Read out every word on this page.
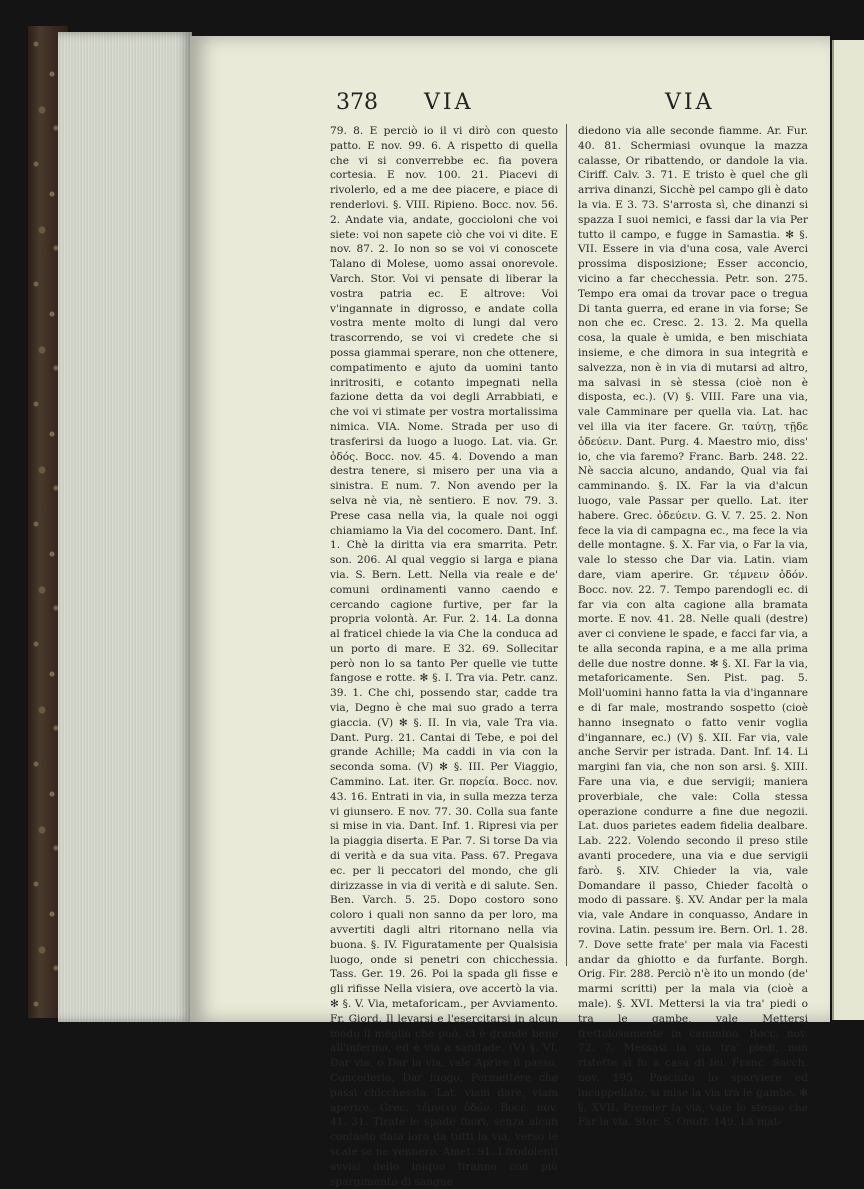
378 VIA	VIA

79. 8. E perciò io il vi dirò con questo patto. E nov. 99. 6. A rispetto di quella che vi si converrebbe ec. fia povera cortesia. E nov. 100. 21. Piacevi di rivolerlo, ed a me dee piacere, e piace di renderlovi. §. VIII. Ripieno. Bocc. nov. 56. 2. Andate via, andate, goccioloni che voi siete: voi non sapete ciò che voi vi dite. E nov. 87. 2. Io non so se voi vi conoscete Talano di Molese, uomo assai onorevole. Varch. Stor. Voi vi pensate di liberar la vostra patria ec. E altrove: Voi v'ingannate in digrosso, e andate colla vostra mente molto di lungi dal vero trascorrendo, se voi vi credete che si possa giammai sperare, non che ottenere, compatimento e ajuto da uomini tanto inritrositi, e cotanto impegnati nella fazione detta da voi degli Arrabbiati, e che voi vi stimate per vostra mortalissima nimica. VIA. Nome. Strada per uso di trasferirsi da luogo a luogo. Lat. via. Gr. ὁδός. Bocc. nov. 45. 4. Dovendo a man destra tenere, si misero per una via a sinistra. E num. 7. Non avendo per la selva nè via, nè sentiero. E nov. 79. 3. Prese casa nella via, la quale noi oggi chiamiamo la Via del cocomero. Dant. Inf. 1. Chè la diritta via era smarrita. Petr. son. 206. Al qual veggio si larga e piana via. S. Bern. Lett. Nella via reale e de' comuni ordinamenti vanno caendo e cercando cagione furtive, per far la propria volontà. Ar. Fur. 2. 14. La donna al fraticel chiede la via Che la conduca ad un porto di mare. E 32. 69. Sollecitar però non lo sa tanto Per quelle vie tutte fangose e rotte. ✻ §. I. Tra via. Petr. canz. 39. 1. Che chi, possendo star, cadde tra via, Degno è che mai suo grado a terra giaccia. (V) ✻ §. II. In via, vale Tra via. Dant. Purg. 21. Cantai di Tebe, e poi del grande Achille; Ma caddi in via con la seconda soma. (V) ✻ §. III. Per Viaggio, Cammino. Lat. iter. Gr. πορεία. Bocc. nov. 43. 16. Entrati in via, in sulla mezza terza vi giunsero. E nov. 77. 30. Colla sua fante si mise in via. Dant. Inf. 1. Ripresi via per la piaggia diserta. E Par. 7. Si torse Da via di verità e da sua vita. Pass. 67. Pregava ec. per li peccatori del mondo, che gli dirizzasse in via di verità e di salute. Sen. Ben. Varch. 5. 25. Dopo costoro sono coloro i quali non sanno da per loro, ma avvertiti dagli altri ritornano nella via buona. §. IV. Figuratamente per Qualsisia luogo, onde si penetri con chicchessia. Tass. Ger. 19. 26. Poi la spada gli fisse e gli rifisse Nella visiera, ove accertò la via. ✻ §. V. Via, metaforicam., per Avviamento. Fr. Giord. Il levarsi e l'esercitarsi in alcun modo il meglio che può, ci è grande bene all'infermo, ed è via a sanitade. (V) §. VI. Dar via, o Dar la via, vale Aprire il passo, Concederlo, Dar luogo, Permettere che passi chicchessia. Lat. viam dare, viam aperire. Grec. τέμνειν ὁδόν. Bocc. nov. 41. 31. Tirate le spade fuori, senza alcun contasto data loro da tutti la via, verso le scale se ne vennero. Amet. 91. I frodolenti avvisi dello iniquo tiranno con più spargimento di sangue

diedono via alle seconde fiamme. Ar. Fur. 40. 81. Schermiasi ovunque la mazza calasse, Or ribattendo, or dandole la via. Ciriff. Calv. 3. 71. E tristo è quel che gli arriva dinanzi, Sicchè pel campo gli è dato la via. E 3. 73. S'arrosta sì, che dinanzi si spazza I suoi nemici, e fassi dar la via Per tutto il campo, e fugge in Samastia. ✻ §. VII. Essere in via d'una cosa, vale Averci prossima disposizione; Esser acconcio, vicino a far checchessia. Petr. son. 275. Tempo era omai da trovar pace o tregua Di tanta guerra, ed erane in via forse; Se non che ec. Cresc. 2. 13. 2. Ma quella cosa, la quale è umida, e ben mischiata insieme, e che dimora in sua integrità e salvezza, non è in via di mutarsi ad altro, ma salvasi in sè stessa (cioè non è disposta, ec.). (V) §. VIII. Fare una via, vale Camminare per quella via. Lat. hac vel illa via iter facere. Gr. ταύτῃ, τῇδε ὁδεύειν. Dant. Purg. 4. Maestro mio, diss' io, che via faremo? Franc. Barb. 248. 22. Nè saccia alcuno, andando, Qual via fai camminando. §. IX. Far la via d'alcun luogo, vale Passar per quello. Lat. iter habere. Grec. ὁδεύειν. G. V. 7. 25. 2. Non fece la via di campagna ec., ma fece la via delle montagne. §. X. Far via, o Far la via, vale lo stesso che Dar via. Latin. viam dare, viam aperire. Gr. τέμνειν ὁδόν. Bocc. nov. 22. 7. Tempo parendogli ec. di far via con alta cagione alla bramata morte. E nov. 41. 28. Nelle quali (destre) aver ci conviene le spade, e facci far via, a te alla seconda rapina, e a me alla prima delle due nostre donne. ✻ §. XI. Far la via, metaforicamente. Sen. Pist. pag. 5. Moll'uomini hanno fatta la via d'ingannare e di far male, mostrando sospetto (cioè hanno insegnato o fatto venir voglia d'ingannare, ec.) (V) §. XII. Far via, vale anche Servir per istrada. Dant. Inf. 14. Li margini fan via, che non son arsi. §. XIII. Fare una via, e due servigii; maniera proverbiale, che vale: Colla stessa operazione condurre a fine due negozii. Lat. duos parietes eadem fidelia dealbare. Lab. 222. Volendo secondo il preso stile avanti procedere, una via e due servigii farò. §. XIV. Chieder la via, vale Domandare il passo, Chieder facoltà o modo di passare. §. XV. Andar per la mala via, vale Andare in conquasso, Andare in rovina. Latin. pessum ire. Bern. Orl. 1. 28. 7. Dove sette frate' per mala via Facesti andar da ghiotto e da furfante. Borgh. Orig. Fir. 288. Perciò n'è ito un mondo (de' marmi scritti) per la mala via (cioè a male). §. XVI. Mettersi la via tra' piedi o tra le gambe, vale Mettersi frettolosamente in cammino. Bocc. nov. 72. 7. Messasi la via tra' piedi, non ristette sì fu a casa di lei. Franc. Sacch. nov. 195. Pasciuto lo sparviere ed incappellato, si mise la via tra le gambe. ✻ §. XVII. Prender la via, vale lo stesso che Far la via. Stor. S. Onofr. 149. La mat-
